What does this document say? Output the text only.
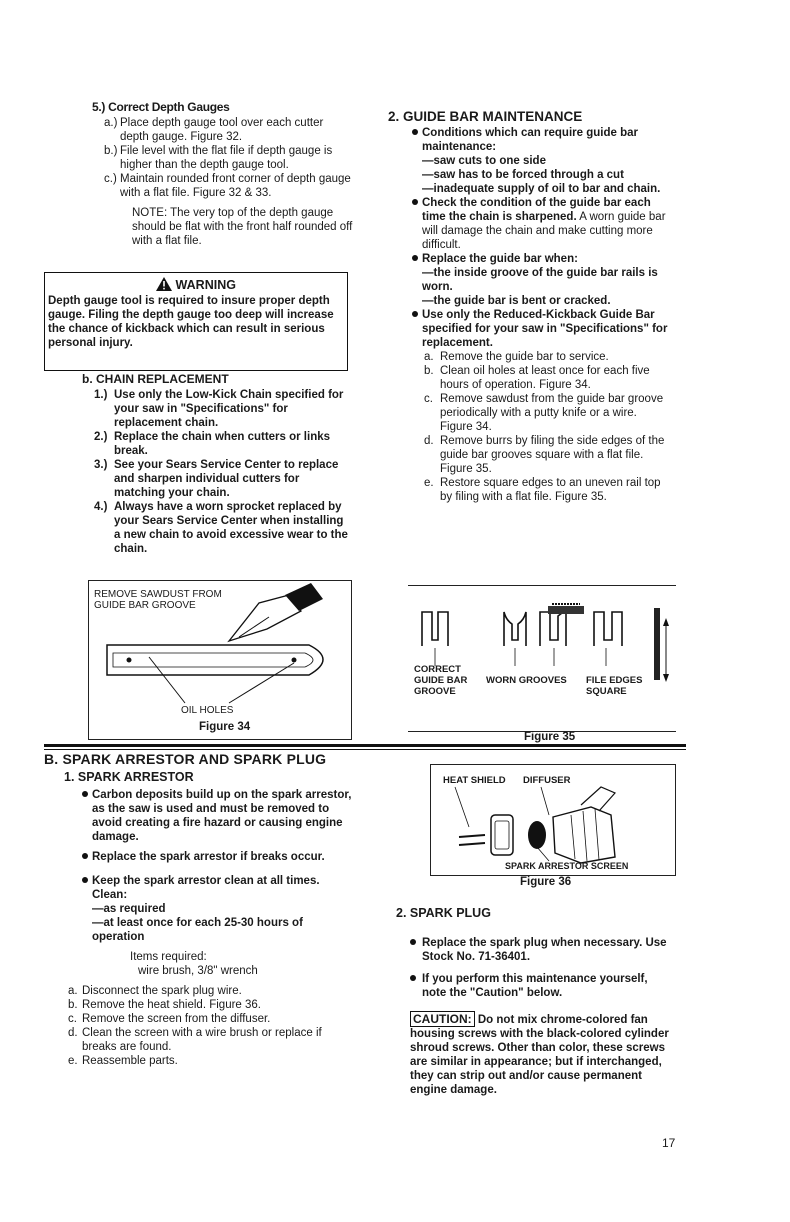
5.) Correct Depth Gauges
a.) Place depth gauge tool over each cutter depth gauge. Figure 32.
b.) File level with the flat file if depth gauge is higher than the depth gauge tool.
c.) Maintain rounded front corner of depth gauge with a flat file. Figure 32 & 33.
NOTE: The very top of the depth gauge should be flat with the front half rounded off with a flat file.
WARNING
Depth gauge tool is required to insure proper depth gauge. Filing the depth gauge too deep will increase the chance of kickback which can result in serious personal injury.
b. CHAIN REPLACEMENT
1.) Use only the Low-Kick Chain specified for your saw in "Specifications" for replacement chain.
2.) Replace the chain when cutters or links break.
3.) See your Sears Service Center to replace and sharpen individual cutters for matching your chain.
4.) Always have a worn sprocket replaced by your Sears Service Center when installing a new chain to avoid excessive wear to the chain.
REMOVE SAWDUST FROM GUIDE BAR GROOVE
OIL HOLES
Figure 34
2. GUIDE BAR MAINTENANCE
Conditions which can require guide bar maintenance:
—saw cuts to one side
—saw has to be forced through a cut
—inadequate supply of oil to bar and chain.
Check the condition of the guide bar each time the chain is sharpened. A worn guide bar will damage the chain and make cutting more difficult.
Replace the guide bar when:
—the inside groove of the guide bar rails is worn.
—the guide bar is bent or cracked.
Use only the Reduced-Kickback Guide Bar specified for your saw in "Specifications" for replacement.
a. Remove the guide bar to service.
b. Clean oil holes at least once for each five hours of operation. Figure 34.
c. Remove sawdust from the guide bar groove periodically with a putty knife or a wire. Figure 34.
d. Remove burrs by filing the side edges of the guide bar grooves square with a flat file. Figure 35.
e. Restore square edges to an uneven rail top by filing with a flat file. Figure 35.
CORRECT GUIDE BAR GROOVE
WORN GROOVES FILE EDGES SQUARE
Figure 35
B. SPARK ARRESTOR AND SPARK PLUG
1. SPARK ARRESTOR
Carbon deposits build up on the spark arrestor, as the saw is used and must be removed to avoid creating a fire hazard or causing engine damage.
Replace the spark arrestor if breaks occur.
Keep the spark arrestor clean at all times. Clean:
—as required
—at least once for each 25-30 hours of operation
Items required:
wire brush, 3/8" wrench
a. Disconnect the spark plug wire.
b. Remove the heat shield. Figure 36.
c. Remove the screen from the diffuser.
d. Clean the screen with a wire brush or replace if breaks are found.
e. Reassemble parts.
HEAT SHIELD DIFFUSER
SPARK ARRESTOR SCREEN
Figure 36
2. SPARK PLUG
Replace the spark plug when necessary. Use Stock No. 71-36401.
If you perform this maintenance yourself, note the "Caution" below.
CAUTION: Do not mix chrome-colored fan housing screws with the black-colored cylinder shroud screws. Other than color, these screws are similar in appearance; but if interchanged, they can strip out and/or cause permanent engine damage.
17
